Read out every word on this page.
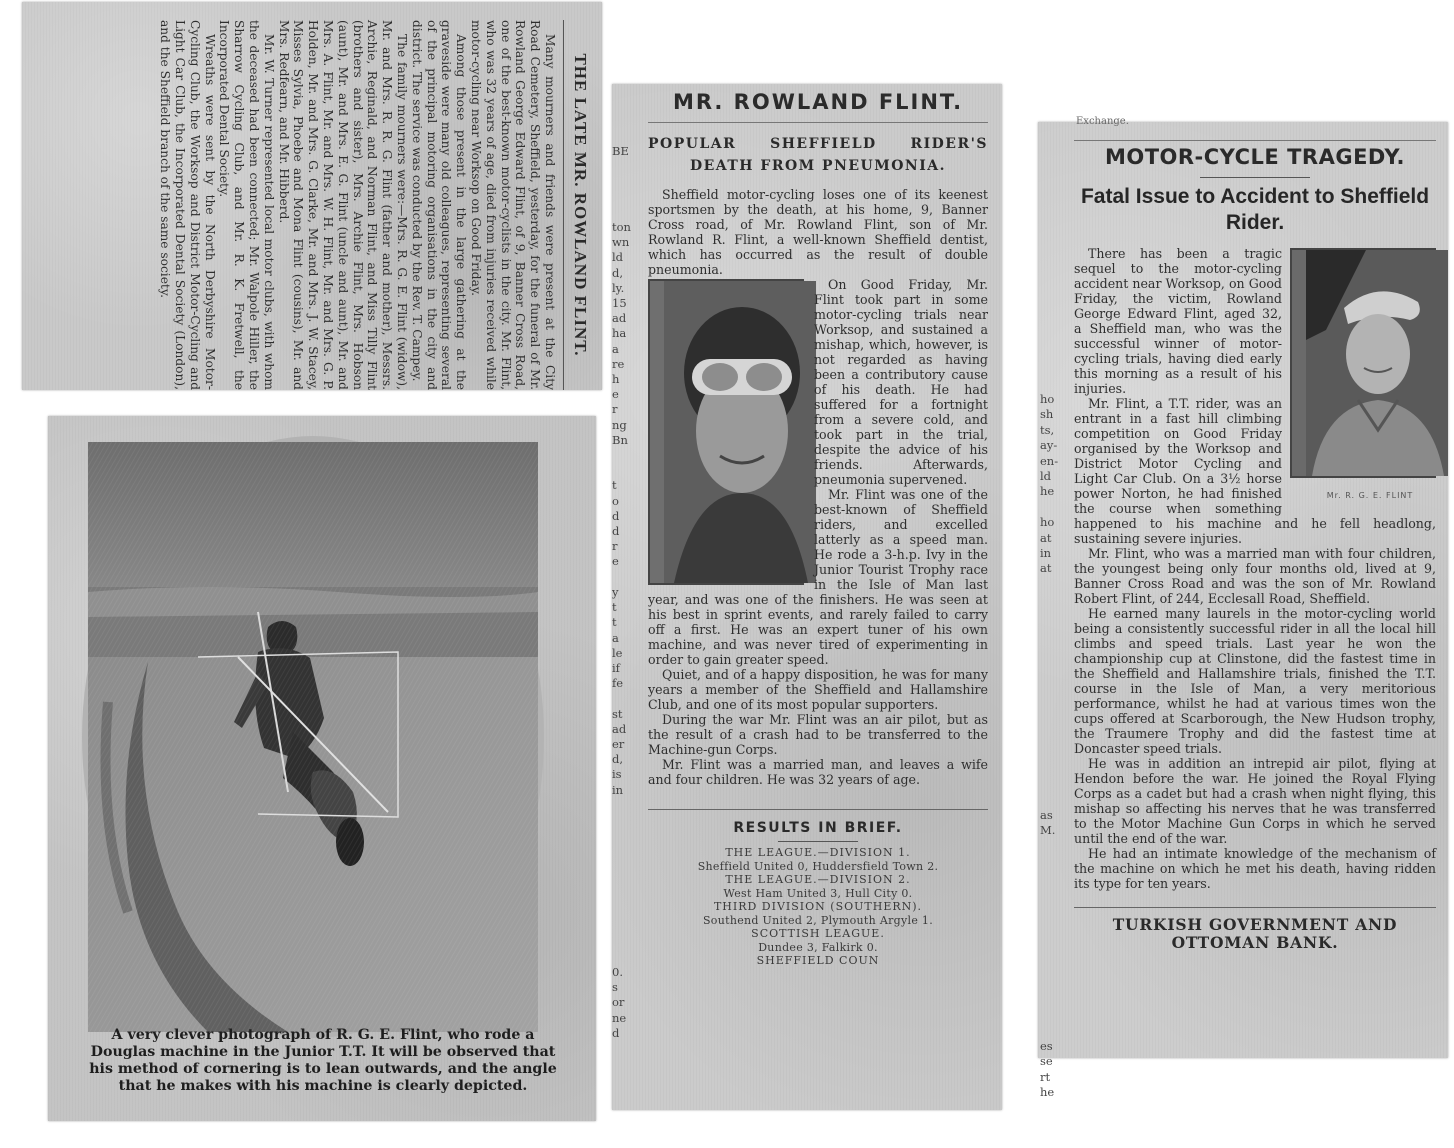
THE LATE MR. ROWLAND FLINT.

Many mourners and friends were present at the City Road Cemetery, Sheffield, yesterday, for the funeral of Mr. Rowland George Edward Flint, of 9, Banner Cross Road, one of the best-known motor-cyclists in the city. Mr. Flint, who was 32 years of age, died from injuries received while motor-cycling near Worksop on Good Friday.

Among those present in the large gathering at the graveside were many old colleagues, representing several of the principal motoring organisations in the city and district. The service was conducted by the Rev. T. Campey.

The family mourners were:—Mrs. R. G. E. Flint (widow), Mr. and Mrs. R. R. G. Flint (father and mother), Messrs. Archie, Reginald, and Norman Flint, and Miss Tilly Flint (brothers and sister), Mrs. Archie Flint, Mrs. Hobson (aunt), Mr. and Mrs. E. G. Flint (uncle and aunt), Mr. and Mrs. A. Flint, Mr. and Mrs. W. H. Flint, Mr. and Mrs. G. P. Holden, Mr. and Mrs. G. Clarke, Mr. and Mrs. J. W. Stacey, Misses Sylvia, Phoebe and Mona Flint (cousins), Mr. and Mrs. Redfearn, and Mr. Hibberd.

Mr. W. Turner represented local motor clubs, with whom the deceased had been connected; Mr. Walpole Hiller, the Sharrow Cycling Club, and Mr. R. K. Fretwell, the Incorporated Dental Society.

Wreaths were sent by the North Derbyshire Motor-Cycling Club, the Worksop and District Motor-Cycling and Light Car Club, the Incorporated Dental Society (London), and the Sheffield branch of the same society.

A very clever photograph of R. G. E. Flint, who rode a Douglas machine in the Junior T.T. It will be observed that his method of cornering is to lean outwards, and the angle that he makes with his machine is clearly depicted.
BE

ton
wn
ld
d,
ly.
15
ad
ha
a
re
h
e
r
ng
Bn

t
o
d
d
r
e

y
t
t
a
le
if
fe

st
ad
er
d,
is
in

0.
s
or
ne
d
MR. ROWLAND FLINT.
POPULAR SHEFFIELD RIDER'S
DEATH FROM PNEUMONIA.

Sheffield motor-cycling loses one of its keenest sportsmen by the death, at his home, 9, Banner Cross road, of Mr. Rowland Flint, son of Mr. Rowland R. Flint, a well-known Sheffield dentist, which has occurred as the result of double pneumonia.

On Good Friday, Mr. Flint took part in some motor-cycling trials near Worksop, and sustained a mishap, which, however, is not regarded as having been a contributory cause of his death. He had suffered for a fortnight from a severe cold, and took part in the trial, despite the advice of his friends. Afterwards, pneumonia supervened.

Mr. Flint was one of the best-known of Sheffield riders, and excelled latterly as a speed man. He rode a 3-h.p. Ivy in the Junior Tourist Trophy race in the Isle of Man last year, and was one of the finishers. He was seen at his best in sprint events, and rarely failed to carry off a first. He was an expert tuner of his own machine, and was never tired of experimenting in order to gain greater speed.

Quiet, and of a happy disposition, he was for many years a member of the Sheffield and Hallamshire Club, and one of its most popular supporters.

During the war Mr. Flint was an air pilot, but as the result of a crash had to be transferred to the Machine-gun Corps.

Mr. Flint was a married man, and leaves a wife and four children. He was 32 years of age.

RESULTS IN BRIEF.
THE LEAGUE.—DIVISION 1.
Sheffield United 0, Huddersfield Town 2.
THE LEAGUE.—DIVISION 2.
West Ham United 3, Hull City 0.
THIRD DIVISION (SOUTHERN).
Southend United 2, Plymouth Argyle 1.
SCOTTISH LEAGUE.
Dundee 3, Falkirk 0.
SHEFFIELD COUN
Exchange.
ho
sh
ts,
ay-
en-
ld
he

ho
at
in
at

as
M.

es
se
rt
he
MOTOR-CYCLE TRAGEDY.
Fatal Issue to Accident to Sheffield Rider.

Mr. R. G. E. FLINT
There has been a tragic sequel to the motor-cycling accident near Worksop, on Good Friday, the victim, Rowland George Edward Flint, aged 32, a Sheffield man, who was the successful winner of motor-cycling trials, having died early this morning as a result of his injuries.

Mr. Flint, a T.T. rider, was an entrant in a fast hill climbing competition on Good Friday organised by the Worksop and District Motor Cycling and Light Car Club. On a 3½ horse power Norton, he had finished the course when something happened to his machine and he fell headlong, sustaining severe injuries.

Mr. Flint, who was a married man with four children, the youngest being only four months old, lived at 9, Banner Cross Road and was the son of Mr. Rowland Robert Flint, of 244, Ecclesall Road, Sheffield.

He earned many laurels in the motor-cycling world being a consistently successful rider in all the local hill climbs and speed trials. Last year he won the championship cup at Clinstone, did the fastest time in the Sheffield and Hallamshire trials, finished the T.T. course in the Isle of Man, a very meritorious performance, whilst he had at various times won the cups offered at Scarborough, the New Hudson trophy, the Traumere Trophy and did the fastest time at Doncaster speed trials.

He was in addition an intrepid air pilot, flying at Hendon before the war. He joined the Royal Flying Corps as a cadet but had a crash when night flying, this mishap so affecting his nerves that he was transferred to the Motor Machine Gun Corps in which he served until the end of the war.

He had an intimate knowledge of the mechanism of the machine on which he met his death, having ridden its type for ten years.

TURKISH GOVERNMENT AND OTTOMAN BANK.
